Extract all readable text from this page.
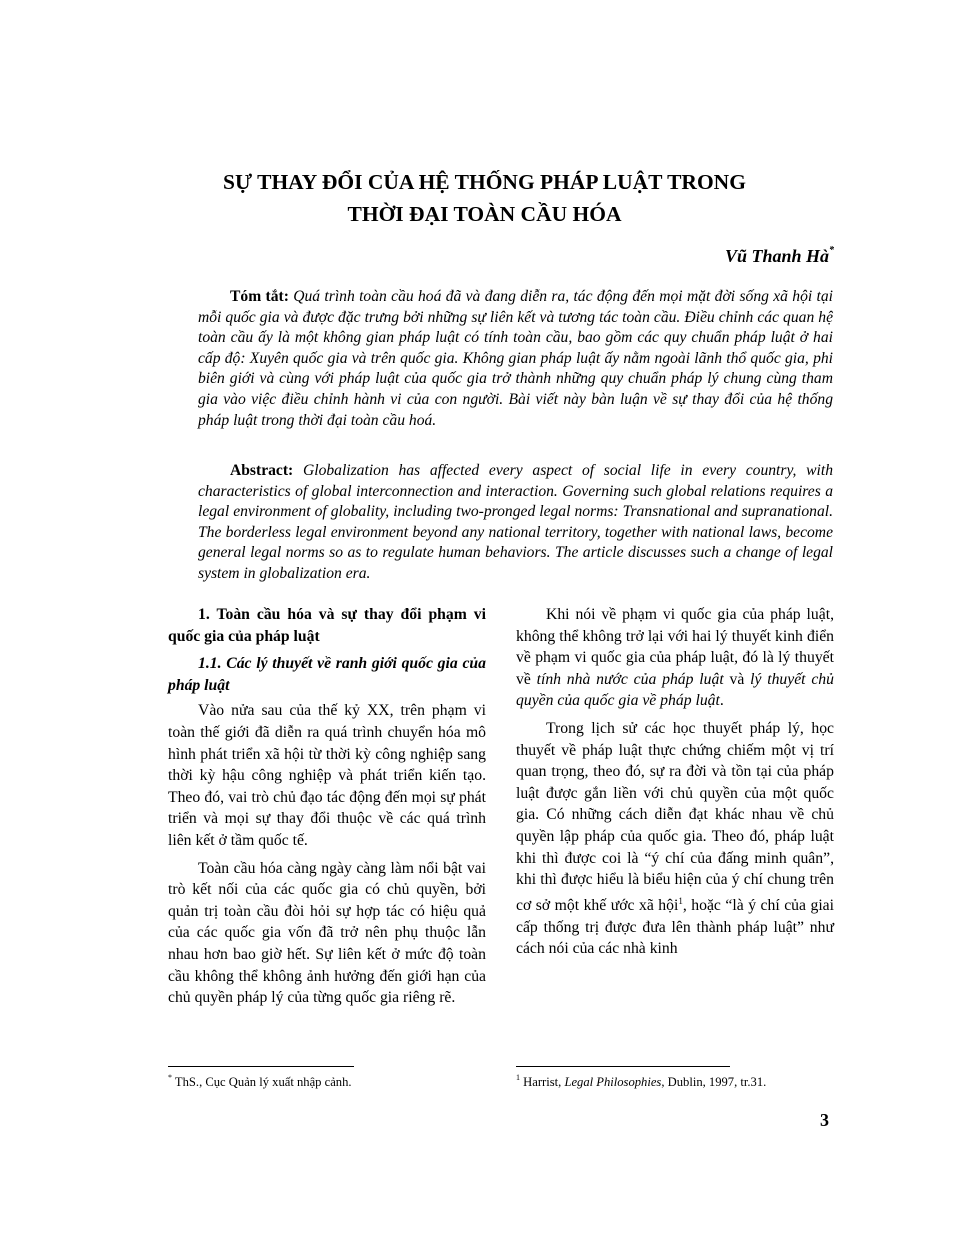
SỰ THAY ĐỔI CỦA HỆ THỐNG PHÁP LUẬT TRONG
THỜI ĐẠI TOÀN CẦU HÓA
Vũ Thanh Hà*
Tóm tắt: Quá trình toàn cầu hoá đã và đang diễn ra, tác động đến mọi mặt đời sống xã hội tại mỗi quốc gia và được đặc trưng bởi những sự liên kết và tương tác toàn cầu. Điều chỉnh các quan hệ toàn cầu ấy là một không gian pháp luật có tính toàn cầu, bao gồm các quy chuẩn pháp luật ở hai cấp độ: Xuyên quốc gia và trên quốc gia. Không gian pháp luật ấy nằm ngoài lãnh thổ quốc gia, phi biên giới và cùng với pháp luật của quốc gia trở thành những quy chuẩn pháp lý chung cùng tham gia vào việc điều chỉnh hành vi của con người. Bài viết này bàn luận về sự thay đổi của hệ thống pháp luật trong thời đại toàn cầu hoá.
Abstract: Globalization has affected every aspect of social life in every country, with characteristics of global interconnection and interaction. Governing such global relations requires a legal environment of globality, including two-pronged legal norms: Transnational and supranational. The borderless legal environment beyond any national territory, together with national laws, become general legal norms so as to regulate human behaviors. The article discusses such a change of legal system in globalization era.

1. Toàn cầu hóa và sự thay đổi phạm vi quốc gia của pháp luật

1.1. Các lý thuyết về ranh giới quốc gia của pháp luật

Vào nửa sau của thế kỷ XX, trên phạm vi toàn thế giới đã diễn ra quá trình chuyển hóa mô hình phát triển xã hội từ thời kỳ công nghiệp sang thời kỳ hậu công nghiệp và phát triển kiến tạo. Theo đó, vai trò chủ đạo tác động đến mọi sự phát triển và mọi sự thay đổi thuộc về các quá trình liên kết ở tầm quốc tế.

Toàn cầu hóa càng ngày càng làm nổi bật vai trò kết nối của các quốc gia có chủ quyền, bởi quản trị toàn cầu đòi hỏi sự hợp tác có hiệu quả của các quốc gia vốn đã trở nên phụ thuộc lẫn nhau hơn bao giờ hết. Sự liên kết ở mức độ toàn cầu không thể không ảnh hưởng đến giới hạn của chủ quyền pháp lý của từng quốc gia riêng rẽ.

Khi nói về phạm vi quốc gia của pháp luật, không thể không trở lại với hai lý thuyết kinh điển về phạm vi quốc gia của pháp luật, đó là lý thuyết về tính nhà nước của pháp luật và lý thuyết chủ quyền của quốc gia về pháp luật.

Trong lịch sử các học thuyết pháp lý, học thuyết về pháp luật thực chứng chiếm một vị trí quan trọng, theo đó, sự ra đời và tồn tại của pháp luật được gắn liền với chủ quyền của một quốc gia. Có những cách diễn đạt khác nhau về chủ quyền lập pháp của quốc gia. Theo đó, pháp luật khi thì được coi là “ý chí của đấng minh quân”, khi thì được hiểu là biểu hiện của ý chí chung trên cơ sở một khế ước xã hội$^1$, hoặc “là ý chí của giai cấp thống trị được đưa lên thành pháp luật” như cách nói của các nhà kinh

* ThS., Cục Quản lý xuất nhập cảnh.	$^1$ Harrist, Legal Philosophies, Dublin, 1997, tr.31.
3
